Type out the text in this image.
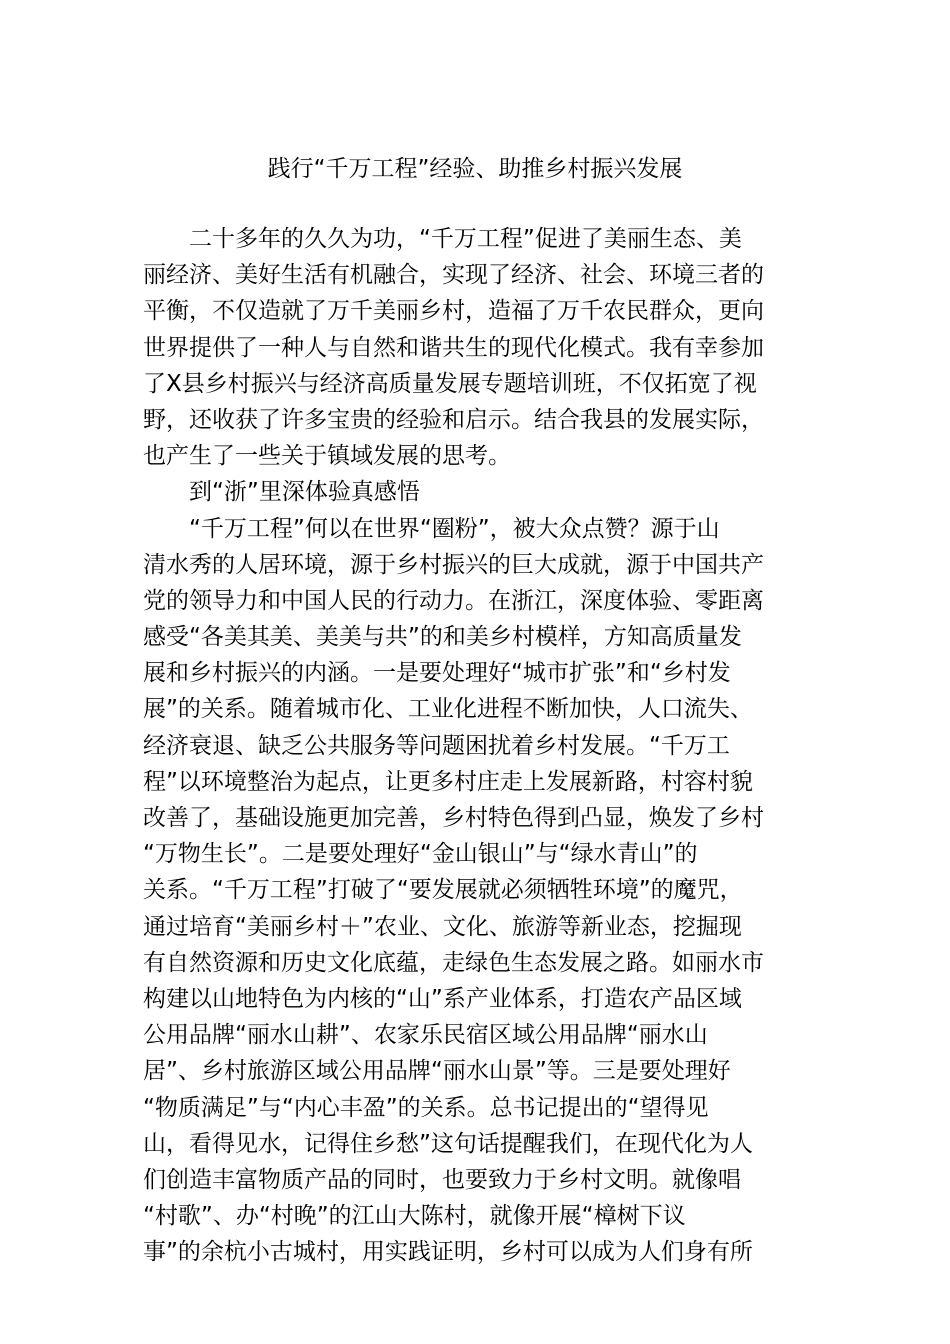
践行“千万工程”经验、助推乡村振兴发展
　　二十多年的久久为功，“千万工程”促进了美丽生态、美
丽经济、美好生活有机融合，实现了经济、社会、环境三者的
平衡，不仅造就了万千美丽乡村，造福了万千农民群众，更向
世界提供了一种人与自然和谐共生的现代化模式。我有幸参加
了X县乡村振兴与经济高质量发展专题培训班，不仅拓宽了视
野，还收获了许多宝贵的经验和启示。结合我县的发展实际，
也产生了一些关于镇域发展的思考。
　　到“浙”里深体验真感悟
　　“千万工程”何以在世界“圈粉”，被大众点赞？源于山
清水秀的人居环境，源于乡村振兴的巨大成就，源于中国共产
党的领导力和中国人民的行动力。在浙江，深度体验、零距离
感受“各美其美、美美与共”的和美乡村模样，方知高质量发
展和乡村振兴的内涵。一是要处理好“城市扩张”和“乡村发
展”的关系。随着城市化、工业化进程不断加快，人口流失、
经济衰退、缺乏公共服务等问题困扰着乡村发展。“千万工
程”以环境整治为起点，让更多村庄走上发展新路，村容村貌
改善了，基础设施更加完善，乡村特色得到凸显，焕发了乡村
“万物生长”。二是要处理好“金山银山”与“绿水青山”的
关系。“千万工程”打破了“要发展就必须牺牲环境”的魔咒，
通过培育“美丽乡村＋”农业、文化、旅游等新业态，挖掘现
有自然资源和历史文化底蕴，走绿色生态发展之路。如丽水市
构建以山地特色为内核的“山”系产业体系，打造农产品区域
公用品牌“丽水山耕”、农家乐民宿区域公用品牌“丽水山
居”、乡村旅游区域公用品牌“丽水山景”等。三是要处理好
“物质满足”与“内心丰盈”的关系。总书记提出的“望得见
山，看得见水，记得住乡愁”这句话提醒我们，在现代化为人
们创造丰富物质产品的同时，也要致力于乡村文明。就像唱
“村歌”、办“村晚”的江山大陈村，就像开展“樟树下议
事”的余杭小古城村，用实践证明，乡村可以成为人们身有所
